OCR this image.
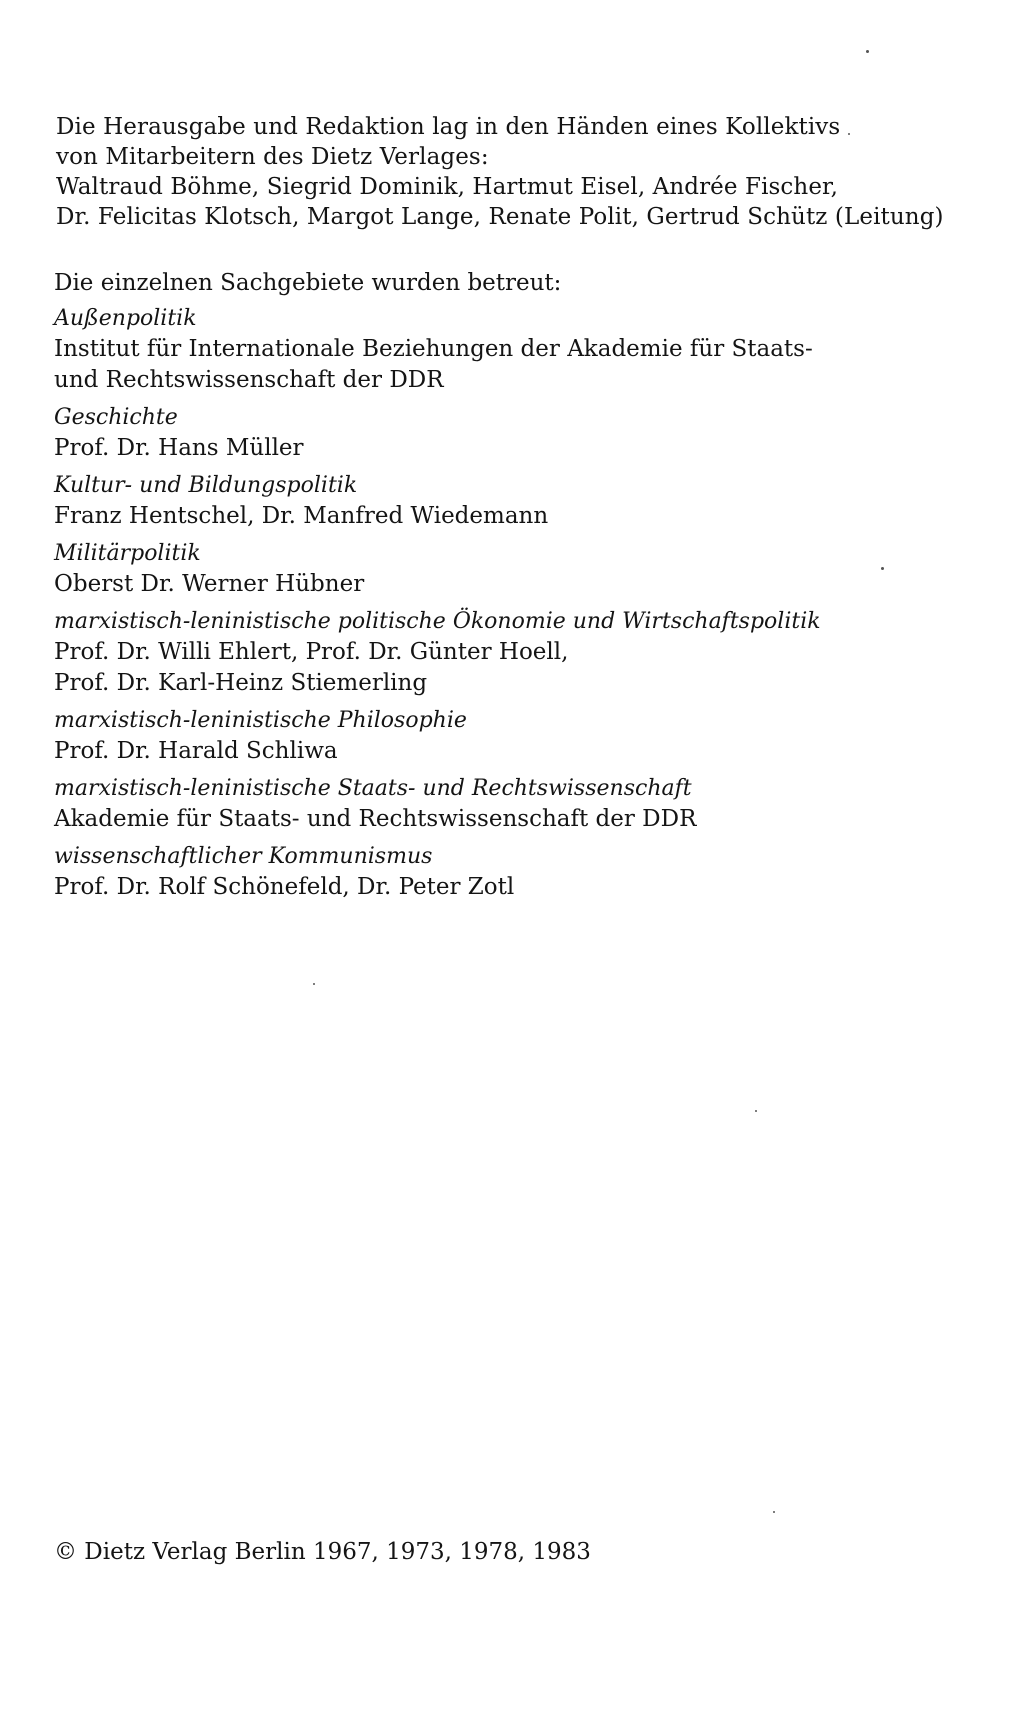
Die Herausgabe und Redaktion lag in den Händen eines Kollektivs
von Mitarbeitern des Dietz Verlages:
Waltraud Böhme, Siegrid Dominik, Hartmut Eisel, Andrée Fischer,
Dr. Felicitas Klotsch, Margot Lange, Renate Polit, Gertrud Schütz (Leitung)
Die einzelnen Sachgebiete wurden betreut:
Außenpolitik
Institut für Internationale Beziehungen der Akademie für Staats-
und Rechtswissenschaft der DDR
Geschichte
Prof. Dr. Hans Müller
Kultur- und Bildungspolitik
Franz Hentschel, Dr. Manfred Wiedemann
Militärpolitik
Oberst Dr. Werner Hübner
marxistisch-leninistische politische Ökonomie und Wirtschaftspolitik
Prof. Dr. Willi Ehlert, Prof. Dr. Günter Hoell,
Prof. Dr. Karl-Heinz Stiemerling
marxistisch-leninistische Philosophie
Prof. Dr. Harald Schliwa
marxistisch-leninistische Staats- und Rechtswissenschaft
Akademie für Staats- und Rechtswissenschaft der DDR
wissenschaftlicher Kommunismus
Prof. Dr. Rolf Schönefeld, Dr. Peter Zotl
© Dietz Verlag Berlin 1967, 1973, 1978, 1983
